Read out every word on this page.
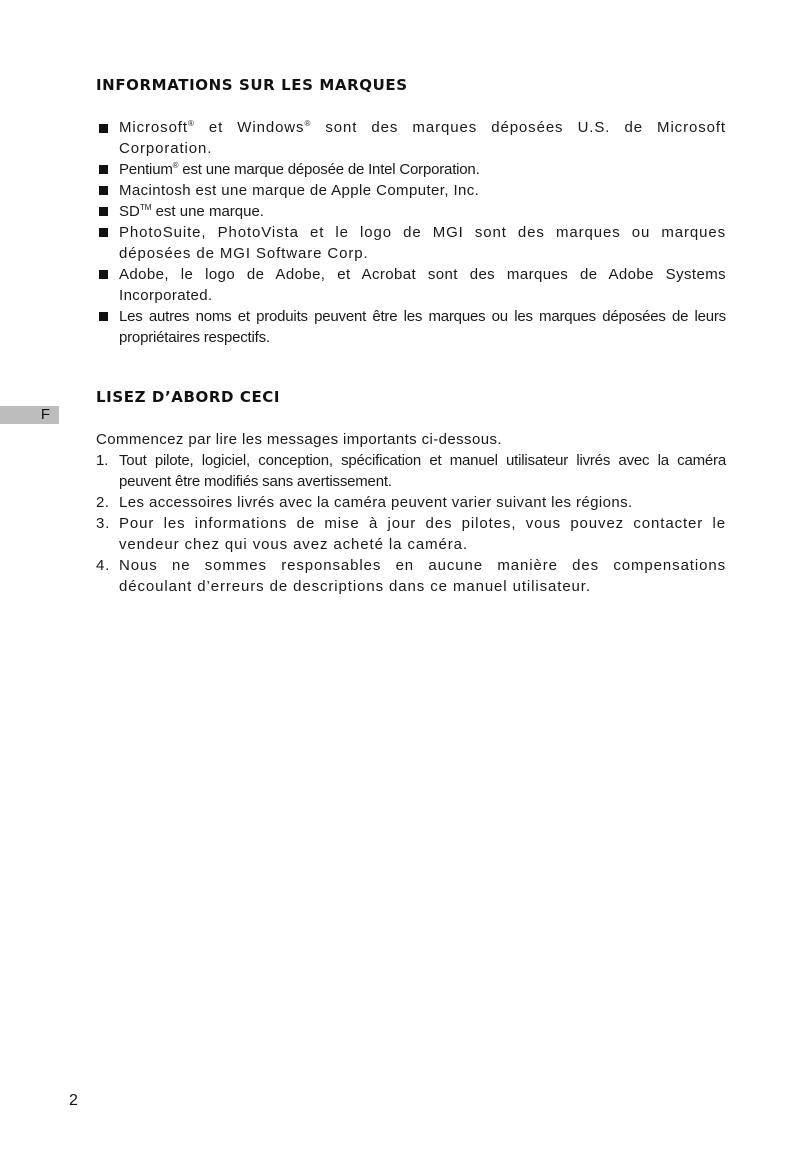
INFORMATIONS SUR LES MARQUES
Microsoft® et Windows® sont des marques déposées U.S. de Microsoft Corporation.
Pentium® est une marque déposée de Intel Corporation.
Macintosh est une marque de Apple Computer, Inc.
SD™ est une marque.
PhotoSuite, PhotoVista et le logo de MGI sont des marques ou marques déposées de MGI Software Corp.
Adobe, le logo de Adobe, et Acrobat sont des marques de Adobe Systems Incorporated.
Les autres noms et produits peuvent être les marques ou les marques déposées de leurs propriétaires respectifs.
F
LISEZ D’ABORD CECI

Commencez par lire les messages importants ci-dessous.

1. Tout pilote, logiciel, conception, spécification et manuel utilisateur livrés avec la caméra peuvent être modifiés sans avertissement.
2. Les accessoires livrés avec la caméra peuvent varier suivant les régions.
3. Pour les informations de mise à jour des pilotes, vous pouvez contacter le vendeur chez qui vous avez acheté la caméra.
4. Nous ne sommes responsables en aucune manière des compensations découlant d’erreurs de descriptions dans ce manuel utilisateur.
2
